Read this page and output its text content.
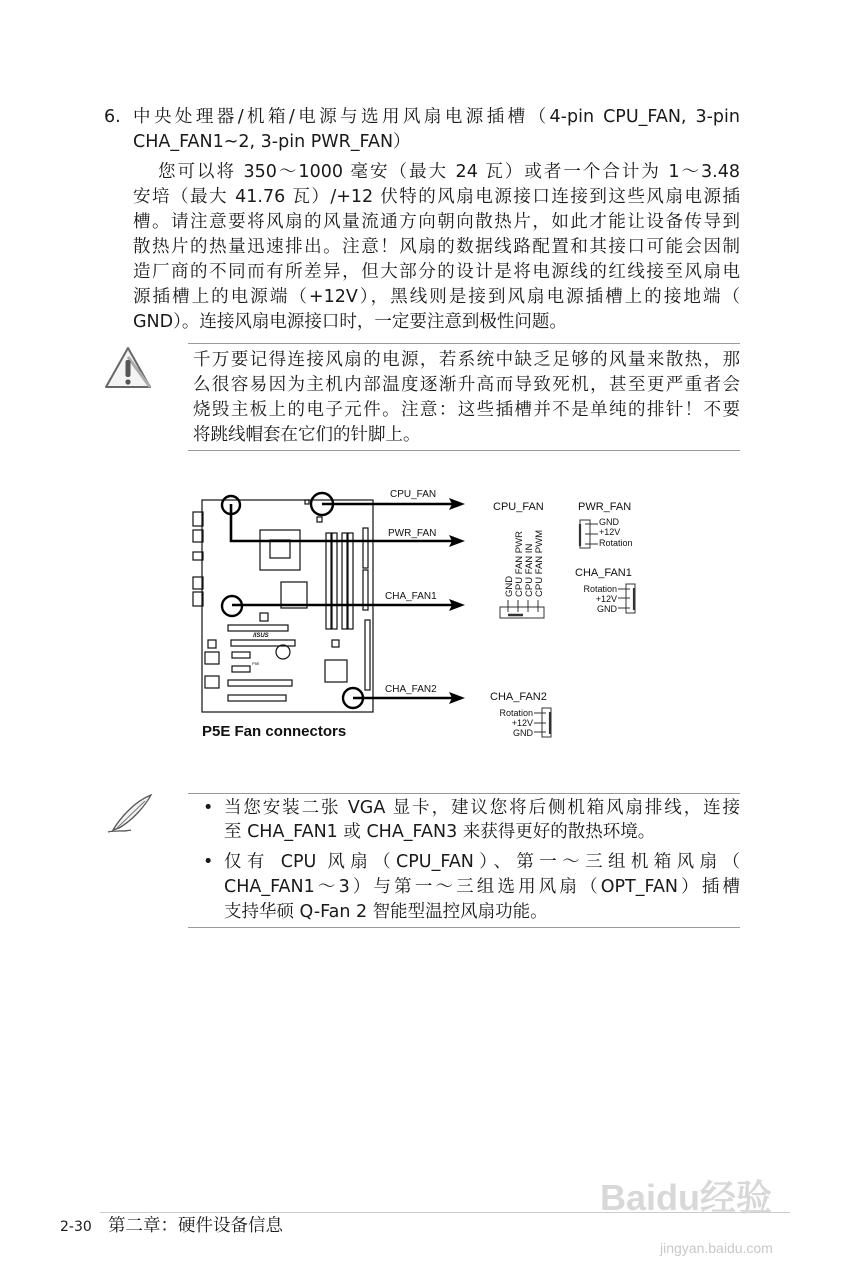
6. 中央处理器/机箱/电源与选用风扇电源插槽（4-pin CPU_FAN, 3-pin
CHA_FAN1~2, 3-pin PWR_FAN）
您可以将 350～1000 毫安（最大 24 瓦）或者一个合计为 1～3.48
安培（最大 41.76 瓦）/+12 伏特的风扇电源接口连接到这些风扇电源插
槽。请注意要将风扇的风量流通方向朝向散热片，如此才能让设备传导到
散热片的热量迅速排出。注意！风扇的数据线路配置和其接口可能会因制
造厂商的不同而有所差异，但大部分的设计是将电源线的红线接至风扇电
源插槽上的电源端（+12V），黑线则是接到风扇电源插槽上的接地端（
GND）。连接风扇电源接口时，一定要注意到极性问题。
千万要记得连接风扇的电源，若系统中缺乏足够的风量来散热，那
么很容易因为主机内部温度逐渐升高而导致死机，甚至更严重者会
烧毁主板上的电子元件。注意：这些插槽并不是单纯的排针！不要
将跳线帽套在它们的针脚上。
/ISUS
P5E
CPU_FAN
PWR_FAN
CHA_FAN1
CHA_FAN2
CPU_FAN
GND CPU FAN PWR CPU FAN IN CPU FAN PWM
PWR_FAN
GND
+12V
Rotation
CHA_FAN1
Rotation
+12V
GND
CHA_FAN2
Rotation
+12V
GND
P5E Fan connectors
• 当您安装二张 VGA 显卡，建议您将后侧机箱风扇排线，连接
至 CHA_FAN1 或 CHA_FAN3 来获得更好的散热环境。
• 仅有 CPU 风扇（CPU_FAN）、第一～三组机箱风扇（
CHA_FAN1～3）与第一～三组选用风扇（OPT_FAN）插槽
支持华硕 Q-Fan 2 智能型温控风扇功能。
2-30 第二章：硬件设备信息
Baidu经验
jingyan.baidu.com
